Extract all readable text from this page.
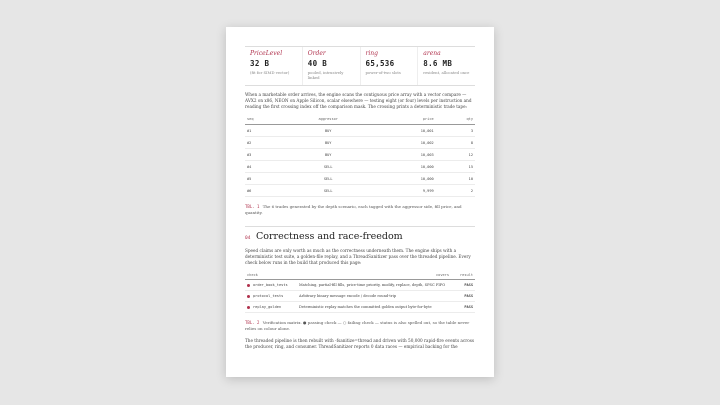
PriceLevel
32 B
(fit for SIMD vector)
Order
40 B
pooled, intrusively linked
ring
65,536
power-of-two slots
arena
8.6 MB
resident, allocated once

When a marketable order arrives, the engine scans the contiguous price array with a vector compare — AVX2 on x86, NEON on Apple Silicon, scalar elsewhere — testing eight (or four) levels per instruction and reading the first crossing index off the comparison mask. The crossing prints a deterministic trade tape:

seq	aggressor	price	qty
#1	BUY	10,001	3
#2	BUY	10,002	8
#3	BUY	10,003	12
#4	SELL	10,000	15
#5	SELL	10,000	10
#6	SELL	9,999	2
TBL. 1 The 6 trades generated by the depth scenario, each tagged with the aggressor side, fill price, and quantity.
04 Correctness and race-freedom

Speed claims are only worth as much as the correctness underneath them. The engine ships with a deterministic test suite, a golden-file replay, and a ThreadSanitizer pass over the threaded pipeline. Every check below runs in the build that produced this page:

check	covers	result
order_book_tests	Matching, partial-fill fills, price-time priority, modify, replace, depth, SPSC FIFO	PASS
protocol_tests	Arbitrary binary message encode / decode round-trip	PASS
replay_golden	Deterministic replay matches the committed golden output byte-for-byte	PASS
TBL. 2 Verification matrix. ● passing check — ○ failing check — status is also spelled out, so the table never relies on colour alone.

The threaded pipeline is then rebuilt with -fsanitize=thread and driven with 50,000 rapid-fire events across the producer, ring, and consumer. ThreadSanitizer reports 0 data races — empirical backing for the
